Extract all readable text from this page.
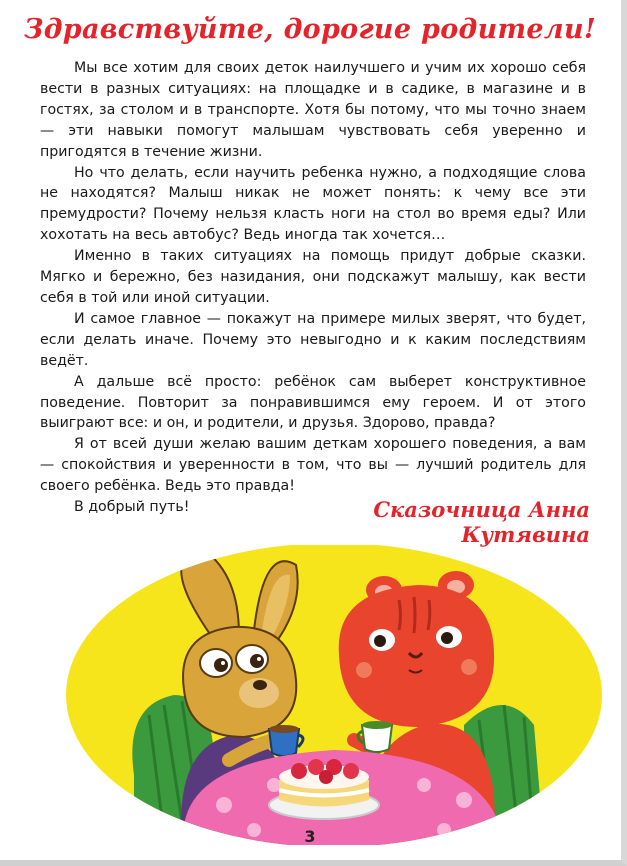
Здравствуйте, дорогие родители!

Мы все хотим для своих деток наилучшего и учим их хорошо себя вести в разных ситуациях: на площадке и в садике, в магазине и в гостях, за столом и в транспорте. Хотя бы потому, что мы точно знаем — эти навыки помогут малышам чувствовать себя уверенно и пригодятся в течение жизни.

Но что делать, если научить ребенка нужно, а подходящие слова не находятся? Малыш никак не может понять: к чему все эти премудрости? Почему нельзя класть ноги на стол во время еды? Или хохотать на весь автобус? Ведь иногда так хочется…

Именно в таких ситуациях на помощь придут добрые сказки. Мягко и бережно, без назидания, они подскажут малышу, как вести себя в той или иной ситуации.

И самое главное — покажут на примере милых зверят, что будет, если делать иначе. Почему это невыгодно и к каким последствиям ведёт.

А дальше всё просто: ребёнок сам выберет конструктивное поведение. Повторит за понравившимся ему героем. И от этого выиграют все: и он, и родители, и друзья. Здорово, правда?

Я от всей души желаю вашим деткам хорошего поведения, а вам — спокойствия и уверенности в том, что вы — лучший родитель для своего ребёнка. Ведь это правда!

В добрый путь!	Сказочница Анна Кутявина
3
